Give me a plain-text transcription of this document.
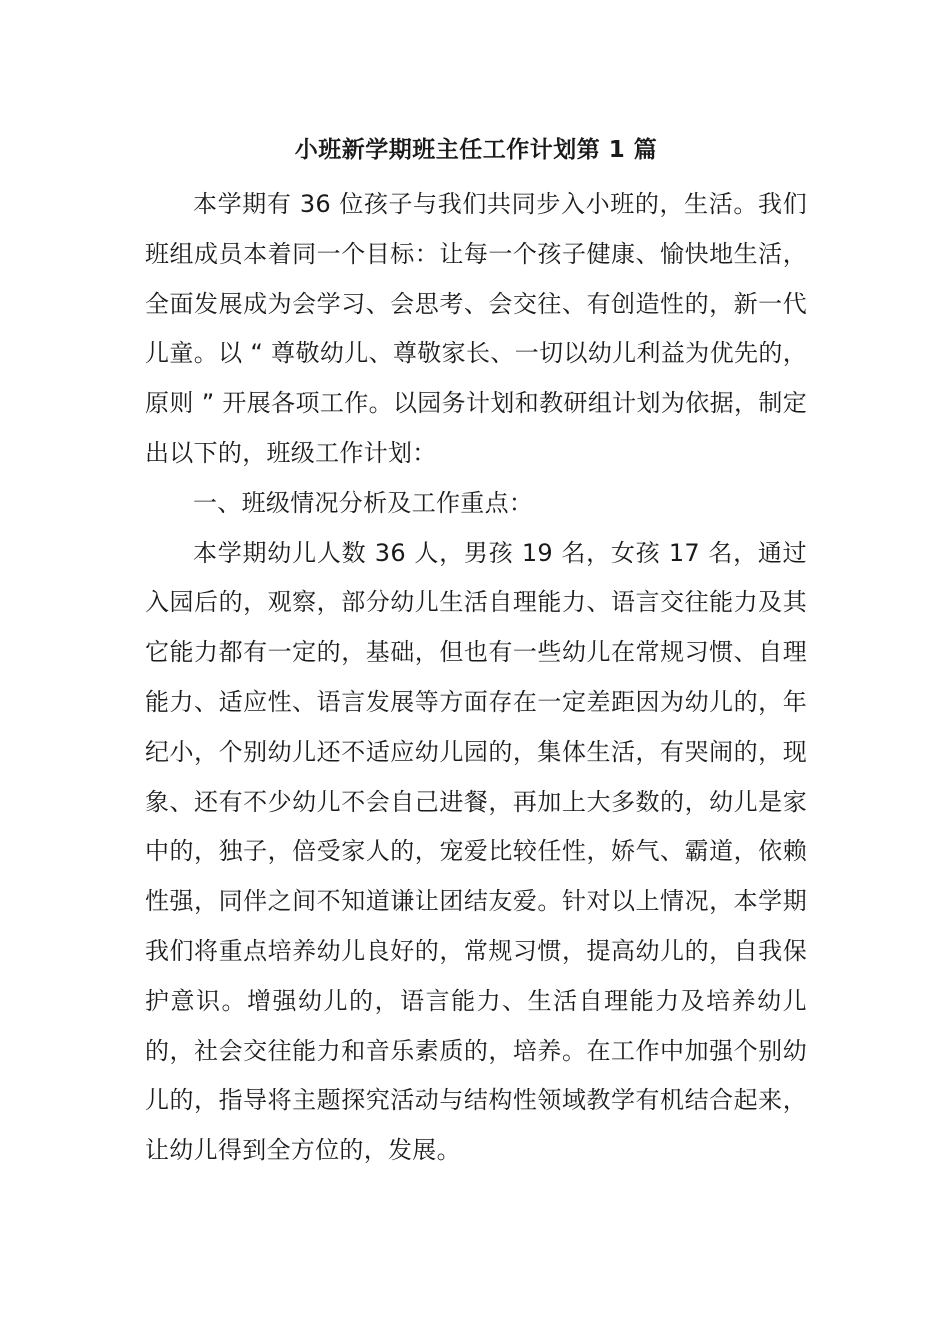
小班新学期班主任工作计划第 1 篇

本学期有 36 位孩子与我们共同步入小班的，生活。我们班组成员本着同一个目标：让每一个孩子健康、愉快地生活，全面发展成为会学习、会思考、会交往、有创造性的，新一代儿童。以 “ 尊敬幼儿、尊敬家长、一切以幼儿利益为优先的，原则 ” 开展各项工作。以园务计划和教研组计划为依据，制定出以下的，班级工作计划：

一、班级情况分析及工作重点：

本学期幼儿人数 36 人，男孩 19 名，女孩 17 名，通过入园后的，观察，部分幼儿生活自理能力、语言交往能力及其它能力都有一定的，基础，但也有一些幼儿在常规习惯、自理能力、适应性、语言发展等方面存在一定差距因为幼儿的，年纪小，个别幼儿还不适应幼儿园的，集体生活，有哭闹的，现象、还有不少幼儿不会自己进餐，再加上大多数的，幼儿是家中的，独子，倍受家人的，宠爱比较任性，娇气、霸道，依赖性强，同伴之间不知道谦让团结友爱。针对以上情况，本学期我们将重点培养幼儿良好的，常规习惯，提高幼儿的，自我保护意识。增强幼儿的，语言能力、生活自理能力及培养幼儿的，社会交往能力和音乐素质的，培养。在工作中加强个别幼儿的，指导将主题探究活动与结构性领域教学有机结合起来，让幼儿得到全方位的，发展。
